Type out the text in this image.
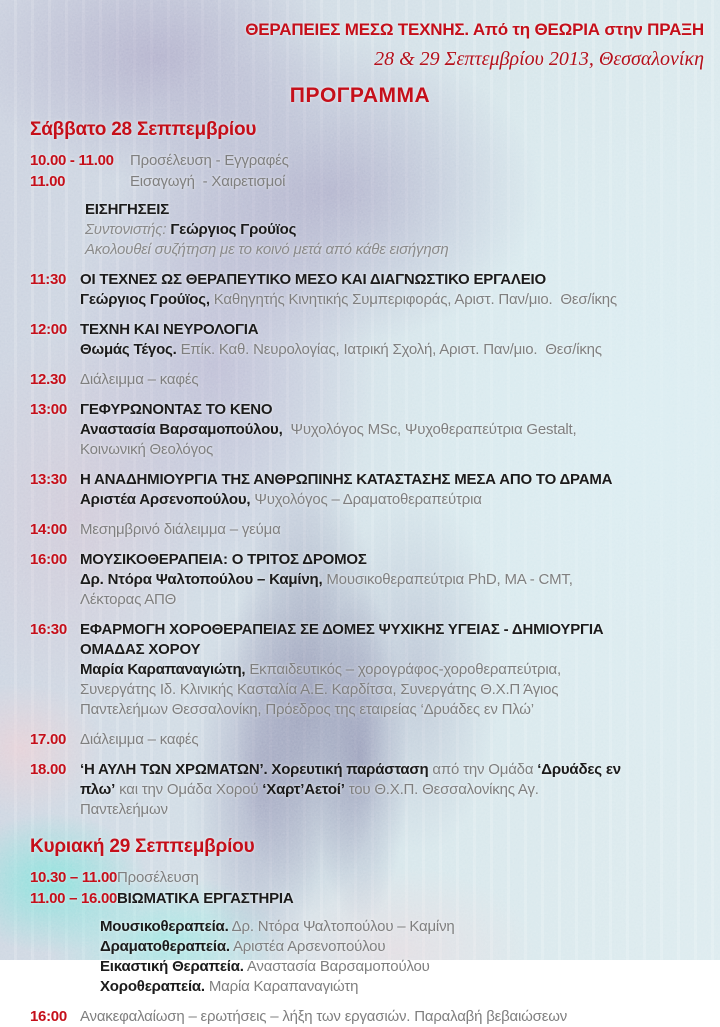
ΘΕΡΑΠΕΙΕΣ ΜΕΣΩ ΤΕΧΝΗΣ. Από τη ΘΕΩΡΙΑ στην ΠΡΑΞΗ
28 & 29 Σεπτεμβρίου 2013, Θεσσαλονίκη
ΠΡΟΓΡΑΜΜΑ
Σάββατο 28 Σεππεμβρίου
10.00 - 11.00	Προσέλευση - Εγγραφές
11.00	Εισαγωγή  - Χαιρετισμοί
ΕΙΣΗΓΗΣΕΙΣ
Συντονιστής: Γεώργιος Γρούϊος
Ακολουθεί συζήτηση με το κοινό μετά από κάθε εισήγηση
11:30 ΟΙ ΤΕΧΝΕΣ ΩΣ ΘΕΡΑΠΕΥΤΙΚΟ ΜΕΣΟ ΚΑΙ ΔΙΑΓΝΩΣΤΙΚΟ ΕΡΓΑΛΕΙΟ
Γεώργιος Γρούϊος, Καθηγητής Κινητικής Συμπεριφοράς, Αριστ. Παν/μιο.  Θεσ/ίκης
12:00 ΤΕΧΝΗ ΚΑΙ ΝΕΥΡΟΛΟΓΙΑ
Θωμάς Τέγος. Επίκ. Καθ. Νευρολογίας, Ιατρική Σχολή, Αριστ. Παν/μιο.  Θεσ/ίκης
12.30 Διάλειμμα – καφές
13:00 ΓΕΦΥΡΩΝΟΝΤΑΣ ΤΟ ΚΕΝΟ
Αναστασία Βαρσαμοπούλου,  Ψυχολόγος MSc, Ψυχοθεραπεύτρια Gestalt,
Κοινωνική Θεολόγος
13:30 Η ΑΝΑΔΗΜΙΟΥΡΓΙΑ ΤΗΣ ΑΝΘΡΩΠΙΝΗΣ ΚΑΤΑΣΤΑΣΗΣ ΜΕΣΑ ΑΠΟ ΤΟ ΔΡΑΜΑ
Αριστέα Αρσενοπούλου, Ψυχολόγος – Δραματοθεραπεύτρια
14:00 Μεσημβρινό διάλειμμα – γεύμα
16:00 ΜΟΥΣΙΚΟΘΕΡΑΠΕΙΑ: Ο ΤΡΙΤΟΣ ΔΡΟΜΟΣ
Δρ. Ντόρα Ψαλτοπούλου – Καμίνη, Μουσικοθεραπεύτρια PhD, MA - CMT,
Λέκτορας ΑΠΘ
16:30 ΕΦΑΡΜΟΓΗ ΧΟΡΟΘΕΡΑΠΕΙΑΣ ΣΕ ΔΟΜΕΣ ΨΥΧΙΚΗΣ ΥΓΕΙΑΣ - ΔΗΜΙΟΥΡΓΙΑ
ΟΜΑΔΑΣ ΧΟΡΟΥ
Μαρία Καραπαναγιώτη, Εκπαιδευτικός – χορογράφος-χοροθεραπεύτρια,
Συνεργάτης Ιδ. Κλινικής Κασταλία Α.Ε. Καρδίτσα, Συνεργάτης Θ.Χ.Π Άγιος
Παντελεήμων Θεσσαλονίκη, Πρόεδρος της εταιρείας ‘Δρυάδες εν Πλώ’
17.00 Διάλειμμα – καφές
18.00 ‘Η ΑΥΛΗ ΤΩΝ ΧΡΩΜΑΤΩΝ’. Χορευτική παράσταση από την Ομάδα ‘Δρυάδες εν
πλω’ και την Ομάδα Χορού ‘Χαρτ’Αετοί’ του Θ.Χ.Π. Θεσσαλονίκης Αγ.
Παντελεήμων
Κυριακή 29 Σεππεμβρίου
10.30 – 11.00 Προσέλευση
11.00 – 16.00 ΒΙΩΜΑΤΙΚΑ ΕΡΓΑΣΤΗΡΙΑ
Μουσικοθεραπεία. Δρ. Ντόρα Ψαλτοπούλου – Καμίνη
Δραματοθεραπεία. Αριστέα Αρσενοπούλου
Εικαστική Θεραπεία. Αναστασία Βαρσαμοπούλου
Χοροθεραπεία. Μαρία Καραπαναγιώτη
16:00 Ανακεφαλαίωση – ερωτήσεις – λήξη των εργασιών. Παραλαβή βεβαιώσεων
